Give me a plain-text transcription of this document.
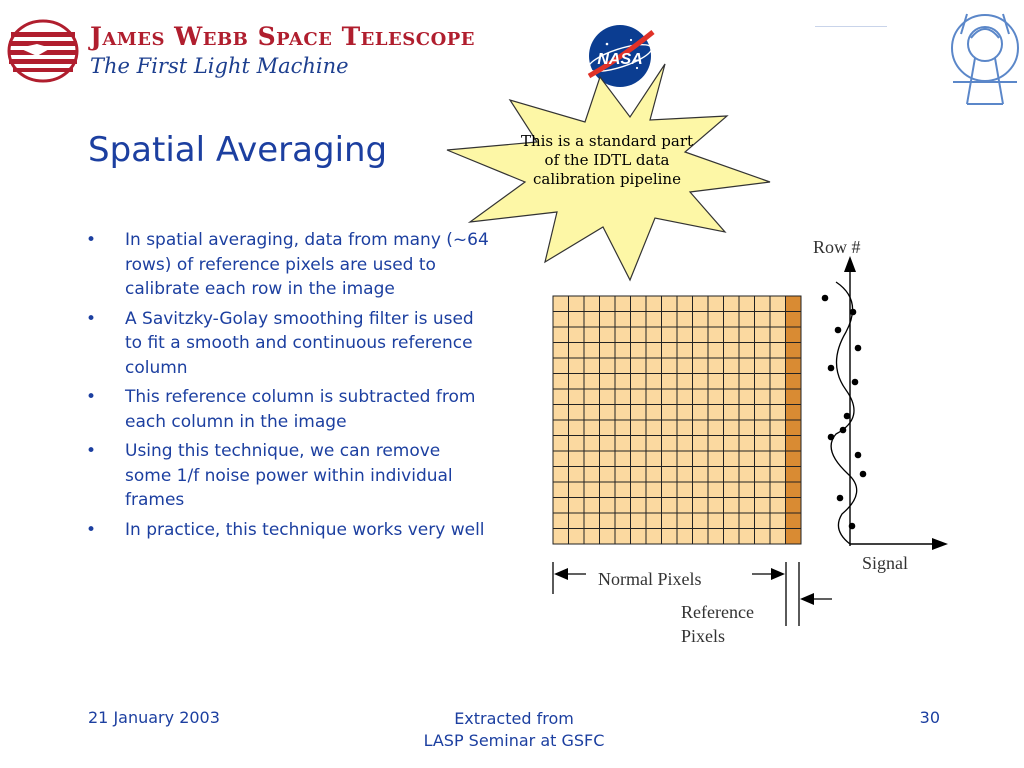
James Webb Space Telescope

The First Light Machine	NASA
Spatial Averaging
• In spatial averaging, data from many (~64 rows) of reference pixels are used to calibrate each row in the image
• A Savitzky-Golay smoothing filter is used to fit a smooth and continuous reference column
• This reference column is subtracted from each column in the image
• Using this technique, we can remove some 1/f noise power within individual frames
• In practice, this technique works very well
This is a standard part of the IDTL data calibration pipeline
Row #
Signal
Normal Pixels
Reference
Pixels
21 January 2003	Extracted from
LASP Seminar at GSFC
30
